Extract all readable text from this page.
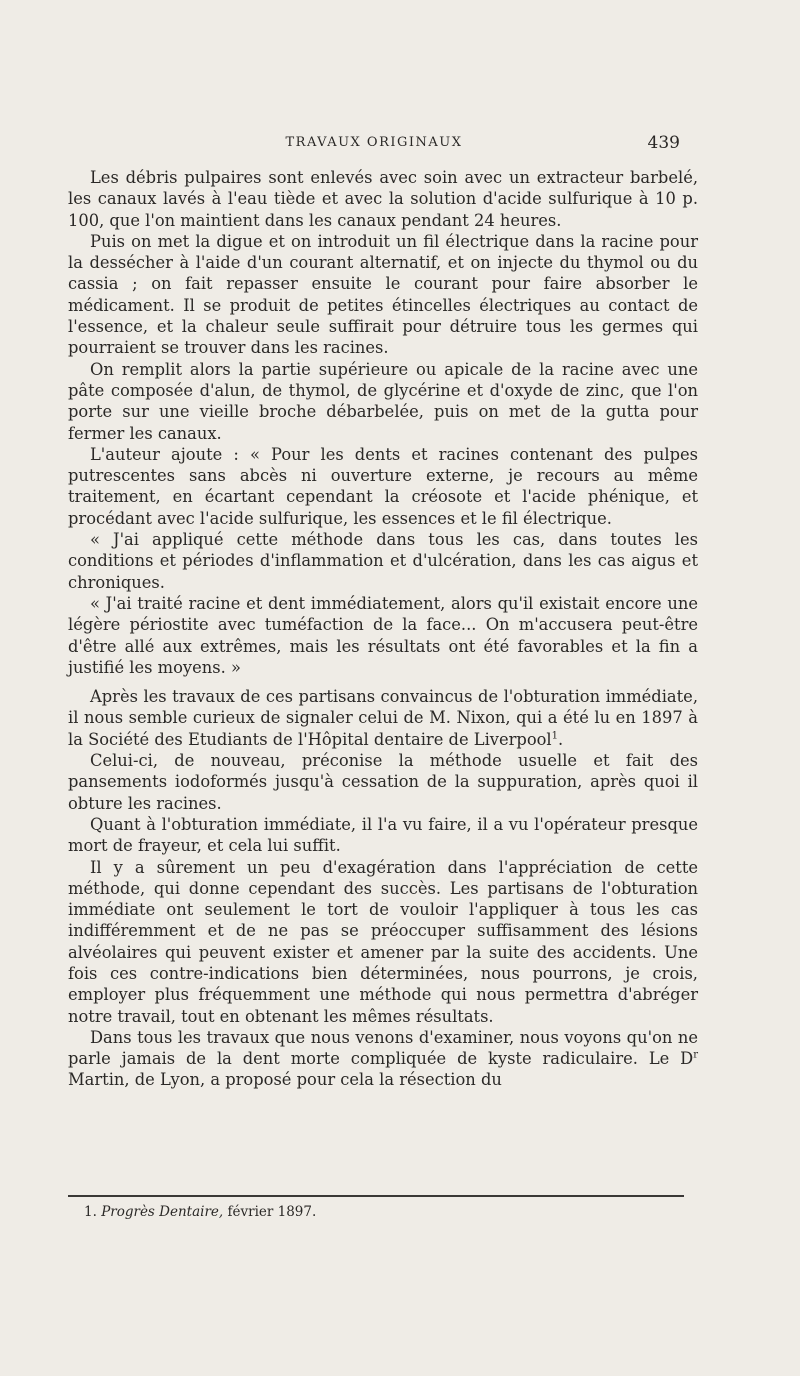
TRAVAUX ORIGINAUX	439

Les débris pulpaires sont enlevés avec soin avec un extracteur barbelé, les canaux lavés à l'eau tiède et avec la solution d'acide sulfurique à 10 p. 100, que l'on maintient dans les canaux pendant 24 heures.

Puis on met la digue et on introduit un fil électrique dans la racine pour la dessécher à l'aide d'un courant alternatif, et on injecte du thymol ou du cassia ; on fait repasser ensuite le courant pour faire absorber le médicament. Il se produit de petites étincelles électriques au contact de l'essence, et la chaleur seule suffirait pour détruire tous les germes qui pourraient se trouver dans les racines.

On remplit alors la partie supérieure ou apicale de la racine avec une pâte composée d'alun, de thymol, de glycérine et d'oxyde de zinc, que l'on porte sur une vieille broche débarbelée, puis on met de la gutta pour fermer les canaux.

L'auteur ajoute : « Pour les dents et racines contenant des pulpes putrescentes sans abcès ni ouverture externe, je recours au même traitement, en écartant cependant la créosote et l'acide phénique, et procédant avec l'acide sulfurique, les essences et le fil électrique.

« J'ai appliqué cette méthode dans tous les cas, dans toutes les conditions et périodes d'inflammation et d'ulcération, dans les cas aigus et chroniques.

« J'ai traité racine et dent immédiatement, alors qu'il existait encore une légère périostite avec tuméfaction de la face... On m'accusera peut-être d'être allé aux extrêmes, mais les résultats ont été favorables et la fin a justifié les moyens. »

Après les travaux de ces partisans convaincus de l'obturation immédiate, il nous semble curieux de signaler celui de M. Nixon, qui a été lu en 1897 à la Société des Etudiants de l'Hôpital dentaire de Liverpool$^1$.

Celui-ci, de nouveau, préconise la méthode usuelle et fait des pansements iodoformés jusqu'à cessation de la suppuration, après quoi il obture les racines.

Quant à l'obturation immédiate, il l'a vu faire, il a vu l'opérateur presque mort de frayeur, et cela lui suffit.

Il y a sûrement un peu d'exagération dans l'appréciation de cette méthode, qui donne cependant des succès. Les partisans de l'obturation immédiate ont seulement le tort de vouloir l'appliquer à tous les cas indifféremment et de ne pas se préoccuper suffisamment des lésions alvéolaires qui peuvent exister et amener par la suite des accidents. Une fois ces contre-indications bien déterminées, nous pourrons, je crois, employer plus fréquemment une méthode qui nous permettra d'abréger notre travail, tout en obtenant les mêmes résultats.

Dans tous les travaux que nous venons d'examiner, nous voyons qu'on ne parle jamais de la dent morte compliquée de kyste radiculaire. Le $D^r$ Martin, de Lyon, a proposé pour cela la résection du

1. Progrès Dentaire, février 1897.
